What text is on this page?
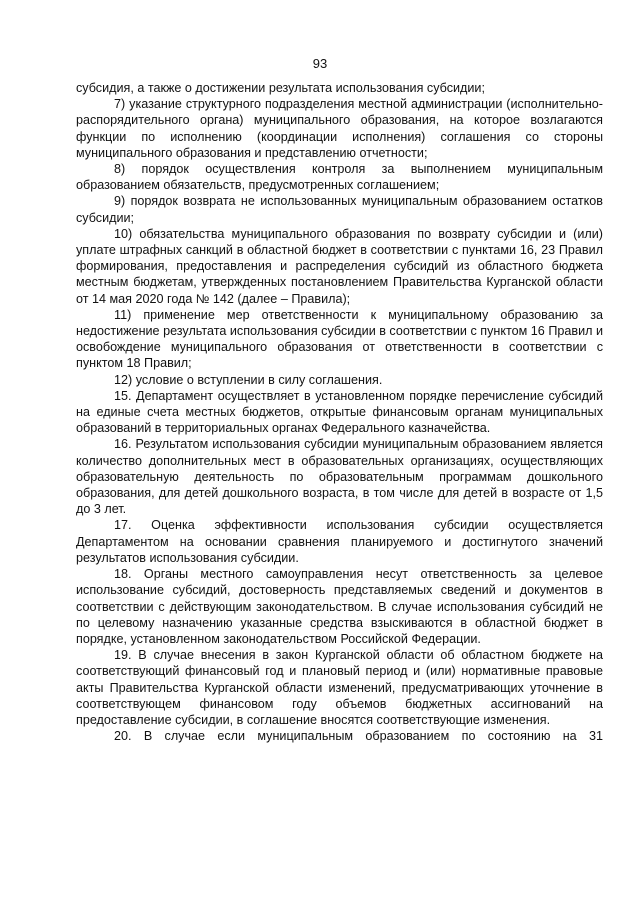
93

субсидия, а также о достижении результата использования субсидии;

7) указание структурного подразделения местной администрации (исполнительно-распорядительного органа) муниципального образования, на которое возлагаются функции по исполнению (координации исполнения) соглашения со стороны муниципального образования и представлению отчетности;

8) порядок осуществления контроля за выполнением муниципальным образованием обязательств, предусмотренных соглашением;

9) порядок возврата не использованных муниципальным образованием остатков субсидии;

10) обязательства муниципального образования по возврату субсидии и (или) уплате штрафных санкций в областной бюджет в соответствии с пунктами 16, 23 Правил формирования, предоставления и распределения субсидий из областного бюджета местным бюджетам, утвержденных постановлением Правительства Курганской области от 14 мая 2020 года № 142 (далее – Правила);

11) применение мер ответственности к муниципальному образованию за недостижение результата использования субсидии в соответствии с пунктом 16 Правил и освобождение муниципального образования от ответственности в соответствии с пунктом 18 Правил;

12) условие о вступлении в силу соглашения.

15. Департамент осуществляет в установленном порядке перечисление субсидий на единые счета местных бюджетов, открытые финансовым органам муниципальных образований в территориальных органах Федерального казначейства.

16. Результатом использования субсидии муниципальным образованием является количество дополнительных мест в образовательных организациях, осуществляющих образовательную деятельность по образовательным программам дошкольного образования, для детей дошкольного возраста, в том числе для детей в возрасте от 1,5 до 3 лет.

17. Оценка эффективности использования субсидии осуществляется Департаментом на основании сравнения планируемого и достигнутого значений результатов использования субсидии.

18. Органы местного самоуправления несут ответственность за целевое использование субсидий, достоверность представляемых сведений и документов в соответствии с действующим законодательством. В случае использования субсидий не по целевому назначению указанные средства взыскиваются в областной бюджет в порядке, установленном законодательством Российской Федерации.

19. В случае внесения в закон Курганской области об областном бюджете на соответствующий финансовый год и плановый период и (или) нормативные правовые акты Правительства Курганской области изменений, предусматривающих уточнение в соответствующем финансовом году объемов бюджетных ассигнований на предоставление субсидии, в соглашение вносятся соответствующие изменения.

20. В случае если муниципальным образованием по состоянию на 31
